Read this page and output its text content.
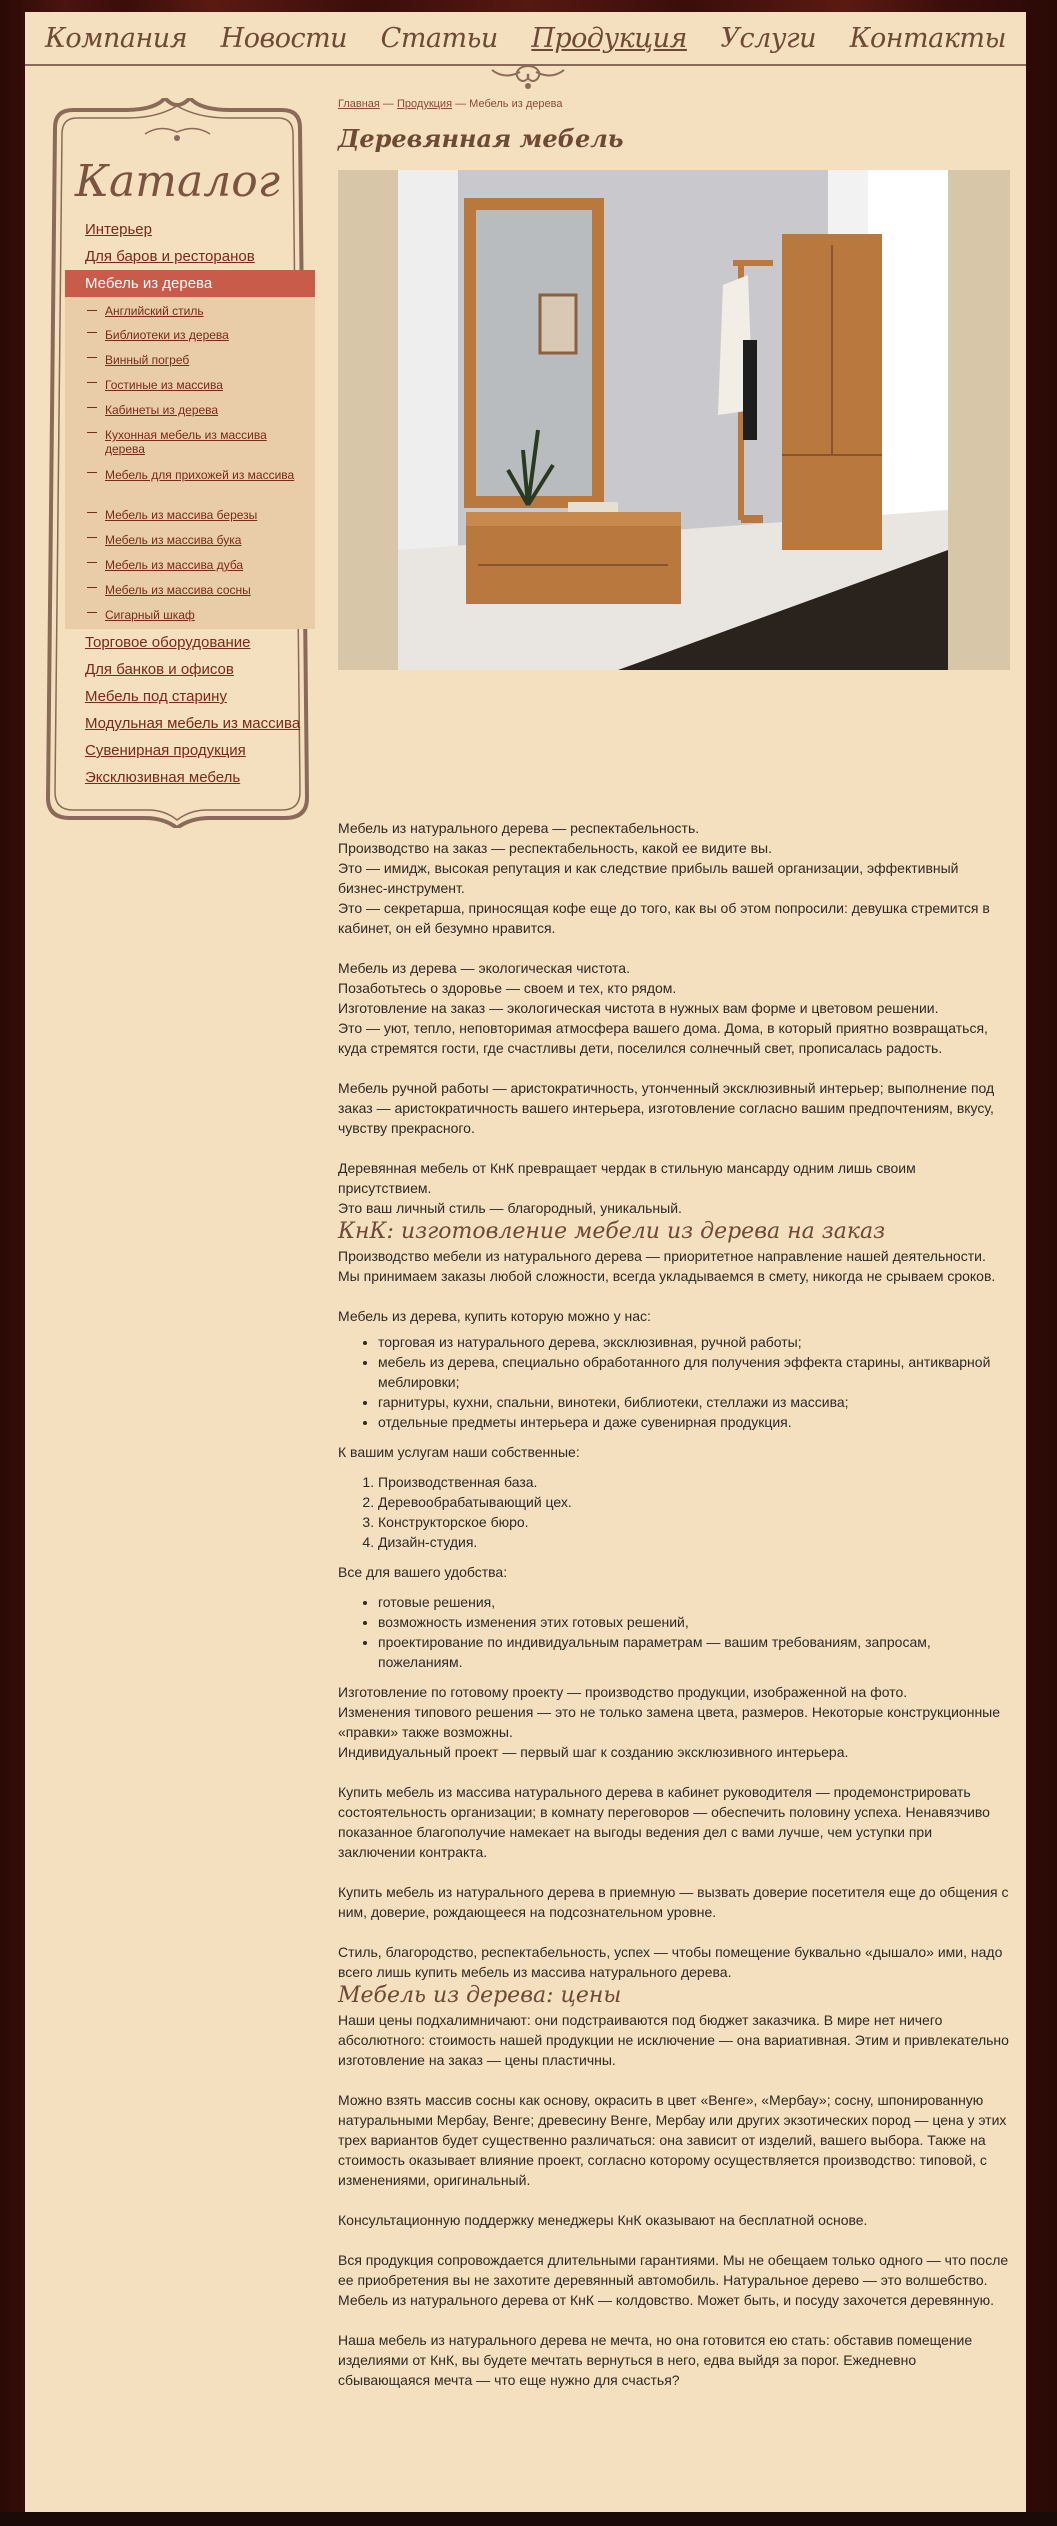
Компания Новости Статьи Продукция Услуги Контакты
Каталог
Интерьер
Для баров и ресторанов
Мебель из дерева
Английский стиль
Библиотеки из дерева
Винный погреб
Гостиные из массива
Кабинеты из дерева
Кухонная мебель из массива дерева
Мебель для прихожей из массива
Мебель из массива березы
Мебель из массива бука
Мебель из массива дуба
Мебель из массива сосны
Сигарный шкаф
Торговое оборудование
Для банков и офисов
Мебель под старину
Модульная мебель из массива
Сувенирная продукция
Эксклюзивная мебель
Главная — Продукция — Мебель из дерева
Деревянная мебель

Мебель из натурального дерева — респектабельность.

Производство на заказ — респектабельность, какой ее видите вы.

Это — имидж, высокая репутация и как следствие прибыль вашей организации, эффективный бизнес-инструмент.

Это — секретарша, приносящая кофе еще до того, как вы об этом попросили: девушка стремится в кабинет, он ей безумно нравится.

Мебель из дерева — экологическая чистота.

Позаботьтесь о здоровье — своем и тех, кто рядом.

Изготовление на заказ — экологическая чистота в нужных вам форме и цветовом решении.

Это — уют, тепло, неповторимая атмосфера вашего дома. Дома, в который приятно возвращаться, куда стремятся гости, где счастливы дети, поселился солнечный свет, прописалась радость.

Мебель ручной работы — аристократичность, утонченный эксклюзивный интерьер; выполнение под заказ — аристократичность вашего интерьера, изготовление согласно вашим предпочтениям, вкусу, чувству прекрасного.

Деревянная мебель от КнК превращает чердак в стильную мансарду одним лишь своим присутствием.

Это ваш личный стиль — благородный, уникальный.

КнК: изготовление мебели из дерева на заказ

Производство мебели из натурального дерева — приоритетное направление нашей деятельности. Мы принимаем заказы любой сложности, всегда укладываемся в смету, никогда не срываем сроков.

Мебель из дерева, купить которую можно у нас:

• торговая из натурального дерева, эксклюзивная, ручной работы;
• мебель из дерева, специально обработанного для получения эффекта старины, антикварной меблировки;
• гарнитуры, кухни, спальни, винотеки, библиотеки, стеллажи из массива;
• отдельные предметы интерьера и даже сувенирная продукция.

К вашим услугам наши собственные:

1. Производственная база.
2. Деревообрабатывающий цех.
3. Конструкторское бюро.
4. Дизайн-студия.

Все для вашего удобства:

• готовые решения,
• возможность изменения этих готовых решений,
• проектирование по индивидуальным параметрам — вашим требованиям, запросам, пожеланиям.

Изготовление по готовому проекту — производство продукции, изображенной на фото.

Изменения типового решения — это не только замена цвета, размеров. Некоторые конструкционные «правки» также возможны.

Индивидуальный проект — первый шаг к созданию эксклюзивного интерьера.

Купить мебель из массива натурального дерева в кабинет руководителя — продемонстрировать состоятельность организации; в комнату переговоров — обеспечить половину успеха. Ненавязчиво показанное благополучие намекает на выгоды ведения дел с вами лучше, чем уступки при заключении контракта.

Купить мебель из натурального дерева в приемную — вызвать доверие посетителя еще до общения с ним, доверие, рождающееся на подсознательном уровне.

Стиль, благородство, респектабельность, успех — чтобы помещение буквально «дышало» ими, надо всего лишь купить мебель из массива натурального дерева.

Мебель из дерева: цены

Наши цены подхалимничают: они подстраиваются под бюджет заказчика. В мире нет ничего абсолютного: стоимость нашей продукции не исключение — она вариативная. Этим и привлекательно изготовление на заказ — цены пластичны.

Можно взять массив сосны как основу, окрасить в цвет «Венге», «Мербау»; сосну, шпонированную натуральными Мербау, Венге; древесину Венге, Мербау или других экзотических пород — цена у этих трех вариантов будет существенно различаться: она зависит от изделий, вашего выбора. Также на стоимость оказывает влияние проект, согласно которому осуществляется производство: типовой, с изменениями, оригинальный.

Консультационную поддержку менеджеры КнК оказывают на бесплатной основе.

Вся продукция сопровождается длительными гарантиями. Мы не обещаем только одного — что после ее приобретения вы не захотите деревянный автомобиль. Натуральное дерево — это волшебство. Мебель из натурального дерева от КнК — колдовство. Может быть, и посуду захочется деревянную.

Наша мебель из натурального дерева не мечта, но она готовится ею стать: обставив помещение изделиями от КнК, вы будете мечтать вернуться в него, едва выйдя за порог. Ежедневно сбывающаяся мечта — что еще нужно для счастья?
